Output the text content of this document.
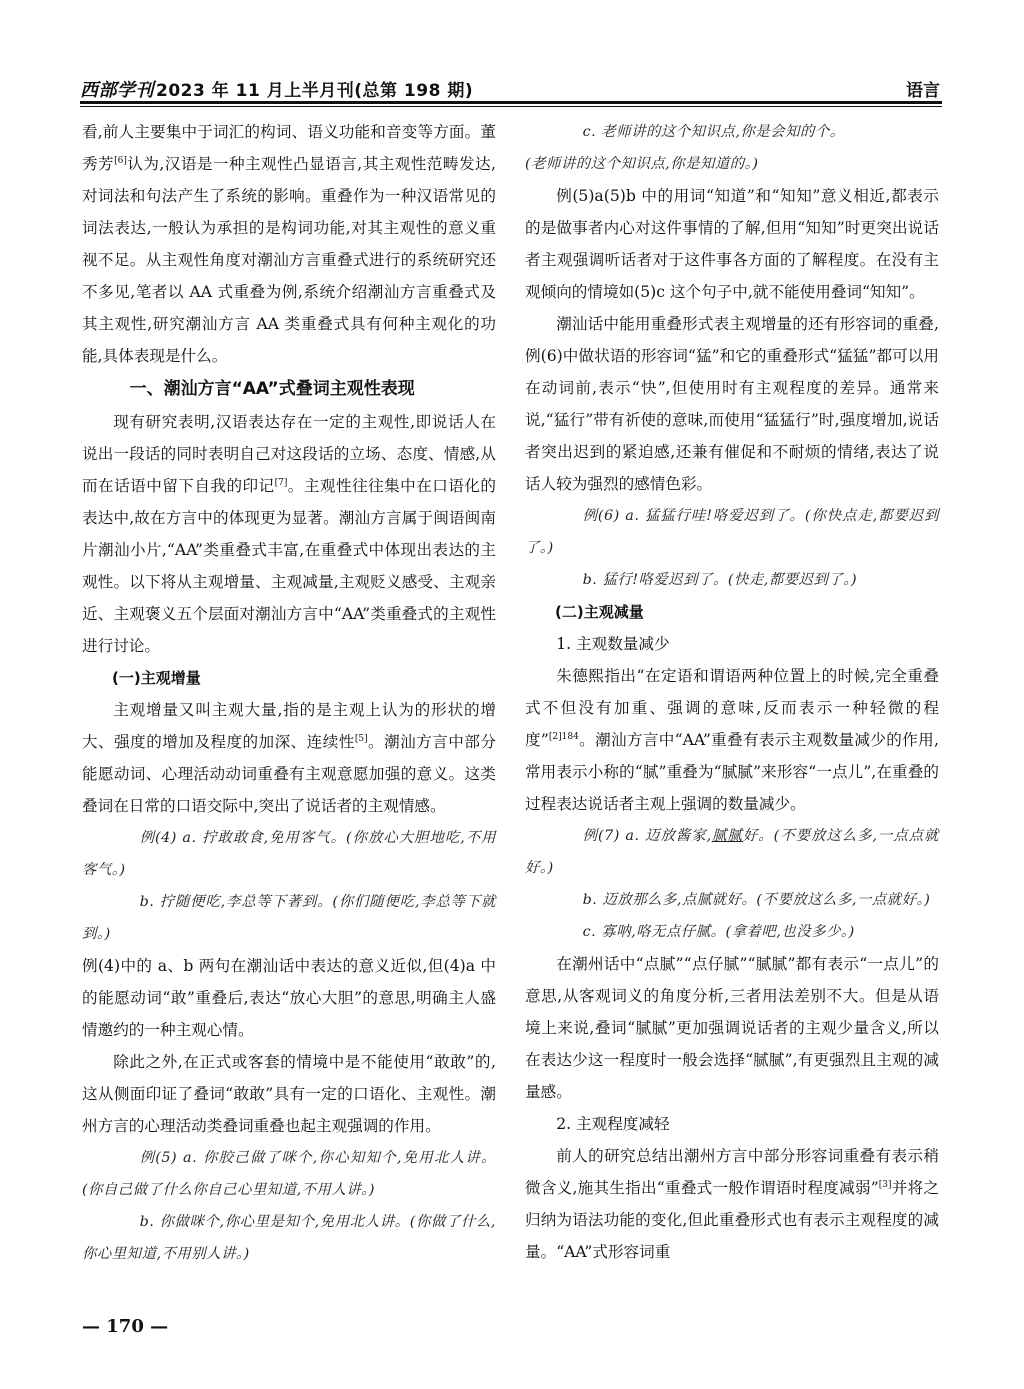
西部学刊 2023 年 11 月上半月刊(总第 198 期)	语言

看,前人主要集中于词汇的构词、语义功能和音变等方面。董秀芳[6]认为,汉语是一种主观性凸显语言,其主观性范畴发达,对词法和句法产生了系统的影响。重叠作为一种汉语常见的词法表达,一般认为承担的是构词功能,对其主观性的意义重视不足。从主观性角度对潮汕方言重叠式进行的系统研究还不多见,笔者以 AA 式重叠为例,系统介绍潮汕方言重叠式及其主观性,研究潮汕方言 AA 类重叠式具有何种主观化的功能,具体表现是什么。

一、潮汕方言“AA”式叠词主观性表现

现有研究表明,汉语表达存在一定的主观性,即说话人在说出一段话的同时表明自己对这段话的立场、态度、情感,从而在话语中留下自我的印记[7]。主观性往往集中在口语化的表达中,故在方言中的体现更为显著。潮汕方言属于闽语闽南片潮汕小片,“AA”类重叠式丰富,在重叠式中体现出表达的主观性。以下将从主观增量、主观减量,主观贬义感受、主观亲近、主观褒义五个层面对潮汕方言中“AA”类重叠式的主观性进行讨论。

(一)主观增量

主观增量又叫主观大量,指的是主观上认为的形状的增大、强度的增加及程度的加深、连续性[5]。潮汕方言中部分能愿动词、心理活动动词重叠有主观意愿加强的意义。这类叠词在日常的口语交际中,突出了说话者的主观情感。

例(4) a. 拧敢敢食,免用客气。(你放心大胆地吃,不用客气。)

b. 拧随便吃,李总等下著到。(你们随便吃,李总等下就到。)

例(4)中的 a、b 两句在潮汕话中表达的意义近似,但(4)a 中的能愿动词“敢”重叠后,表达“放心大胆”的意思,明确主人盛情邀约的一种主观心情。

除此之外,在正式或客套的情境中是不能使用“敢敢”的,这从侧面印证了叠词“敢敢”具有一定的口语化、主观性。潮州方言的心理活动类叠词重叠也起主观强调的作用。

例(5) a. 你胶己做了咪个,你心知知个,免用北人讲。(你自己做了什么你自己心里知道,不用人讲。)

b. 你做咪个,你心里是知个,免用北人讲。(你做了什么,你心里知道,不用别人讲。)

c. 老师讲的这个知识点,你是会知的个。

(老师讲的这个知识点,你是知道的。)

例(5)a(5)b 中的用词“知道”和“知知”意义相近,都表示的是做事者内心对这件事情的了解,但用“知知”时更突出说话者主观强调听话者对于这件事各方面的了解程度。在没有主观倾向的情境如(5)c 这个句子中,就不能使用叠词“知知”。

潮汕话中能用重叠形式表主观增量的还有形容词的重叠,例(6)中做状语的形容词“猛”和它的重叠形式“猛猛”都可以用在动词前,表示“快”,但使用时有主观程度的差异。通常来说,“猛行”带有祈使的意味,而使用“猛猛行”时,强度增加,说话者突出迟到的紧迫感,还兼有催促和不耐烦的情绪,表达了说话人较为强烈的感情色彩。

例(6) a. 猛猛行哇!咯爱迟到了。(你快点走,都要迟到了。)

b. 猛行!咯爱迟到了。(快走,都要迟到了。)

(二)主观减量
1. 主观数量减少

朱德熙指出“在定语和谓语两种位置上的时候,完全重叠式不但没有加重、强调的意味,反而表示一种轻微的程度”$^{[2]184}$。潮汕方言中“AA”重叠有表示主观数量减少的作用,常用表示小称的“腻”重叠为“腻腻”来形容“一点儿”,在重叠的过程表达说话者主观上强调的数量减少。

例(7) a. 迈放酱家,腻腻好。(不要放这么多,一点点就好。)

b. 迈放那么多,点腻就好。(不要放这么多,一点就好。)

c. 寡呐,咯无点仔腻。(拿着吧,也没多少。)

在潮州话中“点腻”“点仔腻”“腻腻”都有表示“一点儿”的意思,从客观词义的角度分析,三者用法差别不大。但是从语境上来说,叠词“腻腻”更加强调说话者的主观少量含义,所以在表达少这一程度时一般会选择“腻腻”,有更强烈且主观的减量感。

2. 主观程度减轻

前人的研究总结出潮州方言中部分形容词重叠有表示稍微含义,施其生指出“重叠式一般作谓语时程度减弱”[3]并将之归纳为语法功能的变化,但此重叠形式也有表示主观程度的减量。“AA”式形容词重

— 170 —
